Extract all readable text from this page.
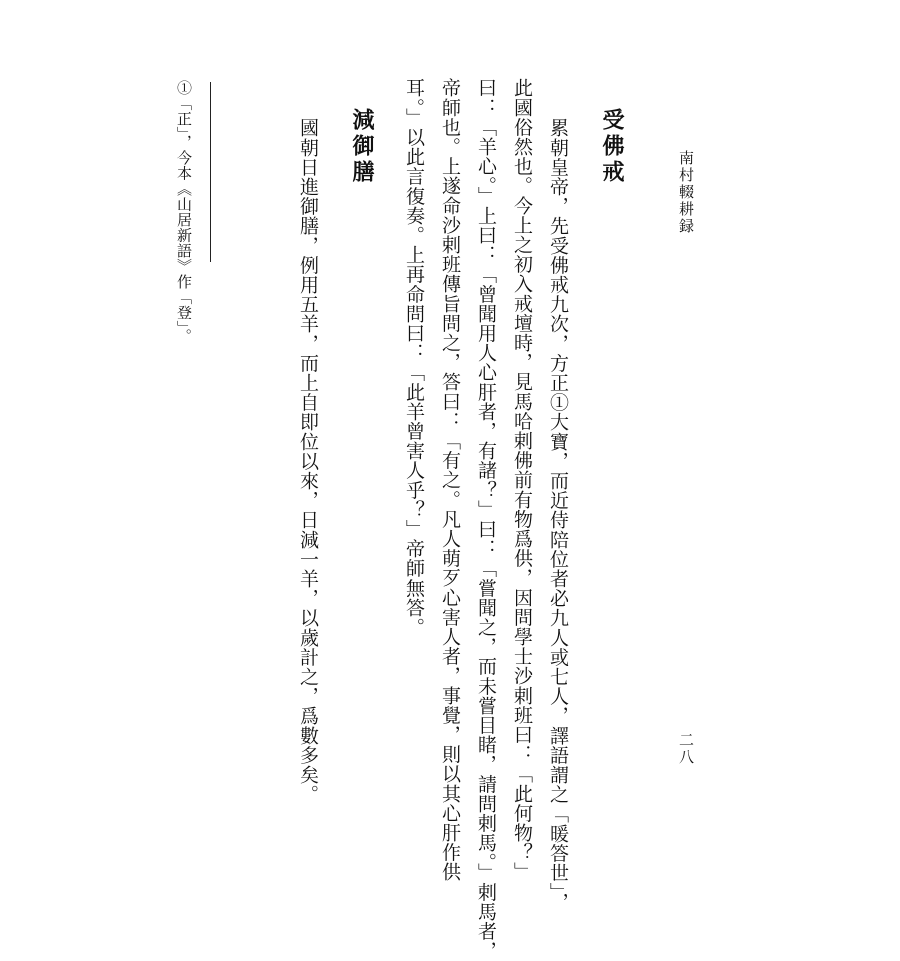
南村輟耕録
二八
受佛戒
累朝皇帝，先受佛戒九次，方正①大寶，而近侍陪位者必九人或七人，譯語謂之「暖答世」，
此國俗然也。今上之初入戒壇時，見馬哈剌佛前有物爲供，因問學士沙剌班曰：「此何物？」
曰：「羊心。」上曰：「曾聞用人心肝者，有諸？」曰：「嘗聞之，而未嘗目睹，請問剌馬。」剌馬者，
帝師也。上遂命沙剌班傳旨問之，答曰：「有之。凡人萌歹心害人者，事覺，則以其心肝作供
耳。」以此言復奏。上再命問曰：「此羊曾害人乎？」帝師無答。
減御膳
國朝日進御膳，例用五羊，而上自即位以來，日減一羊，以歲計之，爲數多矣。
①「正」，今本《山居新語》作「登」。
